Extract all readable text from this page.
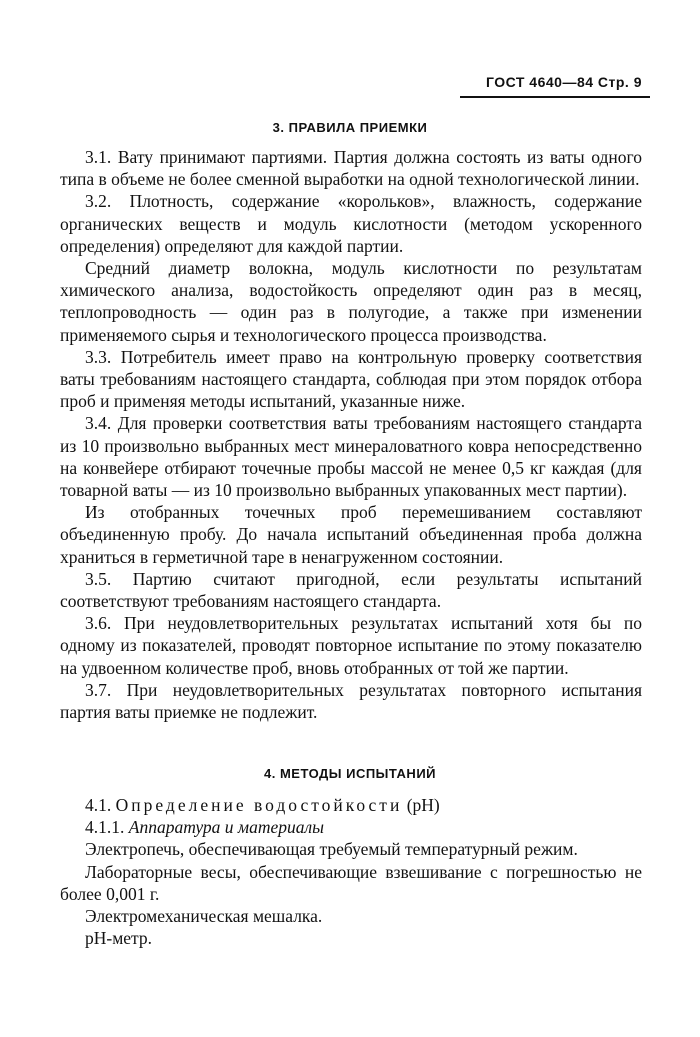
ГОСТ 4640—84 Стр. 9
3. ПРАВИЛА ПРИЕМКИ

3.1. Вату принимают партиями. Партия должна состоять из ваты одного типа в объеме не более сменной выработки на одной технологической линии.

3.2. Плотность, содержание «корольков», влажность, содержание органических веществ и модуль кислотности (методом ускоренного определения) определяют для каждой партии.

Средний диаметр волокна, модуль кислотности по результатам химического анализа, водостойкость определяют один раз в месяц, теплопроводность — один раз в полугодие, а также при изменении применяемого сырья и технологического процесса производства.

3.3. Потребитель имеет право на контрольную проверку соответствия ваты требованиям настоящего стандарта, соблюдая при этом порядок отбора проб и применяя методы испытаний, указанные ниже.

3.4. Для проверки соответствия ваты требованиям настоящего стандарта из 10 произвольно выбранных мест минераловатного ковра непосредственно на конвейере отбирают точечные пробы массой не менее 0,5 кг каждая (для товарной ваты — из 10 произвольно выбранных упакованных мест партии).

Из отобранных точечных проб перемешиванием составляют объединенную пробу. До начала испытаний объединенная проба должна храниться в герметичной таре в ненагруженном состоянии.

3.5. Партию считают пригодной, если результаты испытаний соответствуют требованиям настоящего стандарта.

3.6. При неудовлетворительных результатах испытаний хотя бы по одному из показателей, проводят повторное испытание по этому показателю на удвоенном количестве проб, вновь отобранных от той же партии.

3.7. При неудовлетворительных результатах повторного испытания партия ваты приемке не подлежит.

4. МЕТОДЫ ИСПЫТАНИЙ

4.1. Определение водостойкости (рН)

4.1.1. Аппаратура и материалы

Электропечь, обеспечивающая требуемый температурный режим.

Лабораторные весы, обеспечивающие взвешивание с погрешностью не более 0,001 г.

Электромеханическая мешалка.

рН-метр.
